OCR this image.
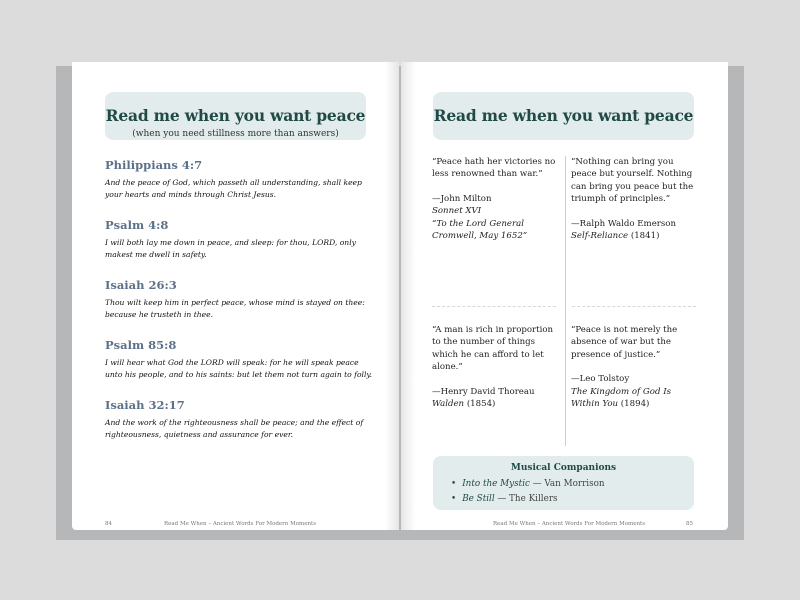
Read me when you want peace
(when you need stillness more than answers)
Philippians 4:7
And the peace of God, which passeth all understanding, shall keep your hearts and minds through Christ Jesus.
Psalm 4:8
I will both lay me down in peace, and sleep: for thou, LORD, only makest me dwell in safety.
Isaiah 26:3
Thou wilt keep him in perfect peace, whose mind is stayed on thee: because he trusteth in thee.
Psalm 85:8
I will hear what God the LORD will speak: for he will speak peace unto his people, and to his saints: but let them not turn again to folly.
Isaiah 32:17
And the work of the righteousness shall be peace; and the effect of righteousness, quietness and assurance for ever.
84	Read Me When – Ancient Words For Modern Moments
Read me when you want peace
“Peace hath her victories no less renowned than war.”
—John Milton
Sonnet XVI
“To the Lord General Cromwell, May 1652”
“Nothing can bring you peace but yourself. Nothing can bring you peace but the triumph of principles.”
—Ralph Waldo Emerson
Self-Reliance (1841)
“A man is rich in proportion to the number of things which he can afford to let alone.”
—Henry David Thoreau
Walden (1854)
“Peace is not merely the absence of war but the presence of justice.”
—Leo Tolstoy
The Kingdom of God Is
Within You (1894)
Musical Companions
• Into the Mystic — Van Morrison
• Be Still — The Killers
Read Me When – Ancient Words For Modern Moments	85
